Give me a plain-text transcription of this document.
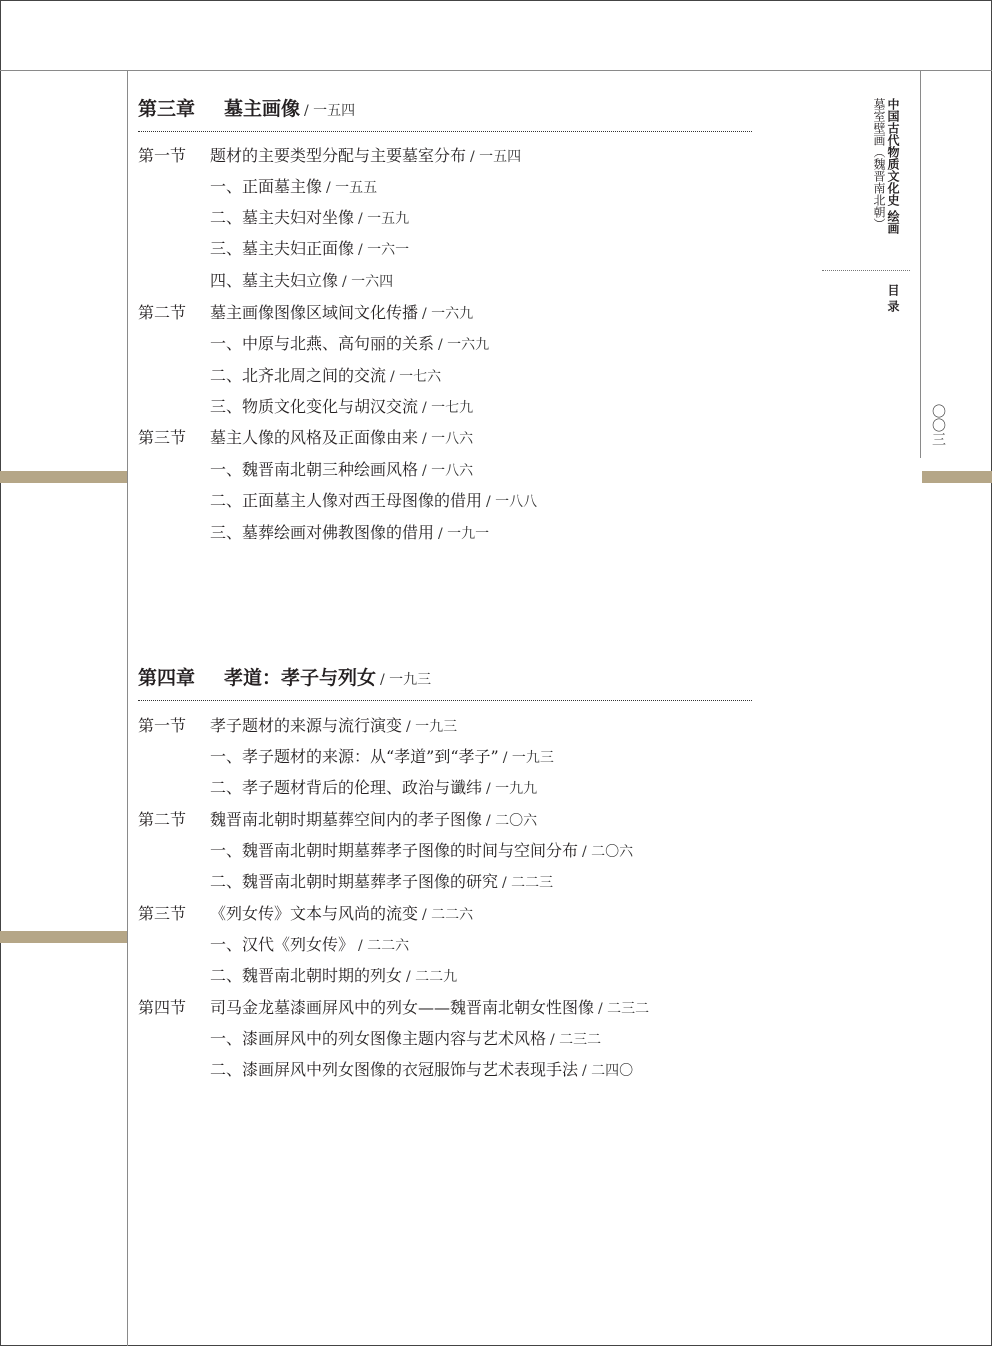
中国古代物质文化史 绘画
墓室壁画（魏晋南北朝）
目 录
〇〇三
第三章 墓主画像 / 一五四
第一节 题材的主要类型分配与主要墓室分布 / 一五四
一、正面墓主像 / 一五五
二、墓主夫妇对坐像 / 一五九
三、墓主夫妇正面像 / 一六一
四、墓主夫妇立像 / 一六四
第二节 墓主画像图像区域间文化传播 / 一六九
一、中原与北燕、高句丽的关系 / 一六九
二、北齐北周之间的交流 / 一七六
三、物质文化变化与胡汉交流 / 一七九
第三节 墓主人像的风格及正面像由来 / 一八六
一、魏晋南北朝三种绘画风格 / 一八六
二、正面墓主人像对西王母图像的借用 / 一八八
三、墓葬绘画对佛教图像的借用 / 一九一
第四章 孝道：孝子与列女 / 一九三
第一节 孝子题材的来源与流行演变 / 一九三
一、孝子题材的来源：从“孝道”到“孝子” / 一九三
二、孝子题材背后的伦理、政治与谶纬 / 一九九
第二节 魏晋南北朝时期墓葬空间内的孝子图像 / 二〇六
一、魏晋南北朝时期墓葬孝子图像的时间与空间分布 / 二〇六
二、魏晋南北朝时期墓葬孝子图像的研究 / 二二三
第三节 《列女传》文本与风尚的流变 / 二二六
一、汉代《列女传》 / 二二六
二、魏晋南北朝时期的列女 / 二二九
第四节 司马金龙墓漆画屏风中的列女——魏晋南北朝女性图像 / 二三二
一、漆画屏风中的列女图像主题内容与艺术风格 / 二三二
二、漆画屏风中列女图像的衣冠服饰与艺术表现手法 / 二四〇
